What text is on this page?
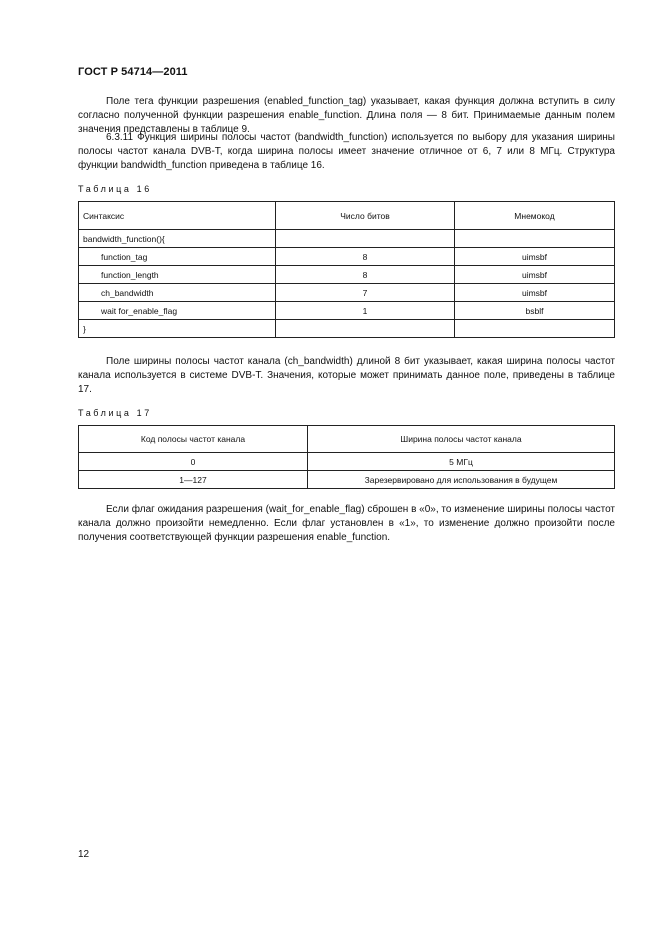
ГОСТ Р 54714—2011

Поле тега функции разрешения (enabled_function_tag) указывает, какая функция должна вступить в силу согласно полученной функции разрешения enable_function. Длина поля — 8 бит. Принимаемые данным полем значения представлены в таблице 9.

6.3.11 Функция ширины полосы частот (bandwidth_function) используется по выбору для указания ширины полосы частот канала DVB-T, когда ширина полосы имеет значение отличное от 6, 7 или 8 МГц. Структура функции bandwidth_function приведена в таблице 16.

Таблица 16
Синтаксис	Число битов	Мнемокод
bandwidth_function(){		
function_tag	8	uimsbf
function_length	8	uimsbf
ch_bandwidth	7	uimsbf
wait for_enable_flag	1	bsblf
}		

Поле ширины полосы частот канала (ch_bandwidth) длиной 8 бит указывает, какая ширина полосы частот канала используется в системе DVB-T. Значения, которые может принимать данное поле, приведены в таблице 17.

Таблица 17
Код полосы частот канала	Ширина полосы частот канала
0	5 МГц
1—127	Зарезервировано для использования в будущем

Если флаг ожидания разрешения (wait_for_enable_flag) сброшен в «0», то изменение ширины полосы частот канала должно произойти немедленно. Если флаг установлен в «1», то изменение должно произойти после получения соответствующей функции разрешения enable_function.

12
